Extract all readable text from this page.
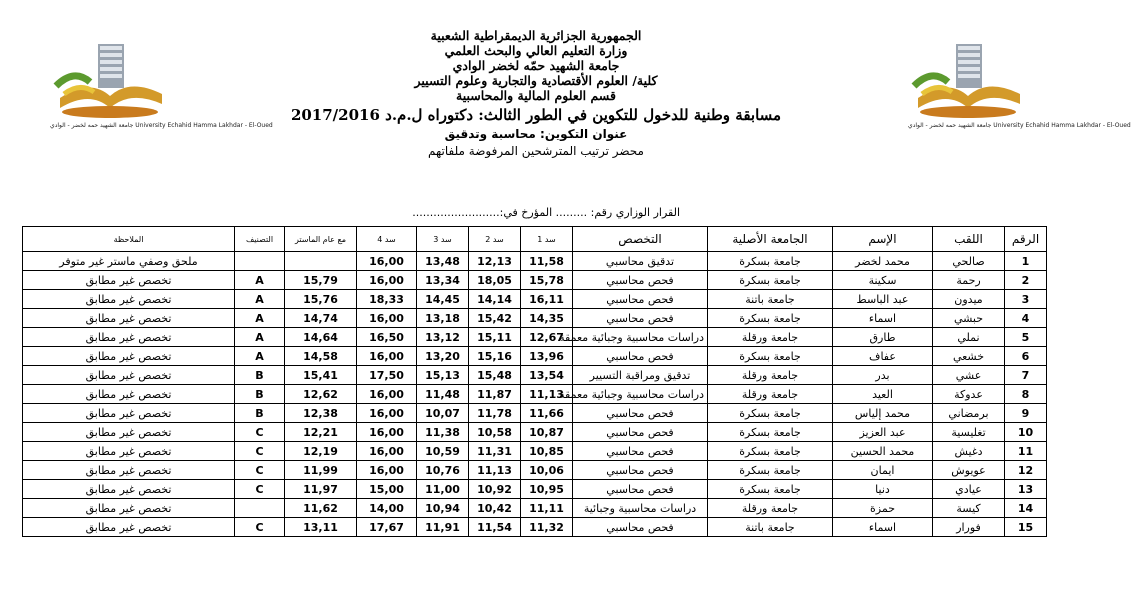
جامعة الشهيد حمه لخضر - الوادي University Echahid Hamma Lakhdar - El-Oued	جامعة الشهيد حمه لخضر - الوادي University Echahid Hamma Lakhdar - El-Oued
الجمهورية الجزائرية الديمقراطية الشعبية
وزارة التعليم العالي والبحث العلمي
جامعة الشهيد حمّه لخضر الوادي
كلية/ العلوم الأقتصادية والتجارية وعلوم التسيير
قسم العلوم المالية والمحاسبية
مسابقة وطنية للدخول للتكوين في الطور الثالث: دكتوراه ل.م.د 2017/2016
عنوان التكوين: محاسبة وتدقيق
محضر ترتيب المترشحين المرفوضة ملفاتهم
القرار الوزاري رقم: ......... المؤرخ في:.........................
الرقم	اللقب	الإسم	الجامعة الأصلية	التخصص	سد 1	سد 2	سد 3	سد 4	مع عام الماستر	التصنيف	الملاحظة
1	صالحي	محمد لخضر	جامعة بسكرة	تدقيق محاسبي	11,58	12,13	13,48	16,00			ملحق وصفي ماستر غير متوفر
2	رحمة	سكينة	جامعة بسكرة	فحص محاسبي	15,78	18,05	13,34	16,00	15,79	A	تخصص غير مطابق
3	ميدون	عبد الباسط	جامعة باتنة	فحص محاسبي	16,11	14,14	14,45	18,33	15,76	A	تخصص غير مطابق
4	حبشي	اسماء	جامعة بسكرة	فحص محاسبي	14,35	15,42	13,18	16,00	14,74	A	تخصص غير مطابق
5	نملي	طارق	جامعة ورقلة	دراسات محاسبية وجبائية معمقة	12,67	15,11	13,12	16,50	14,64	A	تخصص غير مطابق
6	خشعي	عفاف	جامعة بسكرة	فحص محاسبي	13,96	15,16	13,20	16,00	14,58	A	تخصص غير مطابق
7	عشي	بدر	جامعة ورقلة	تدقيق ومراقبة التسيير	13,54	15,48	15,13	17,50	15,41	B	تخصص غير مطابق
8	عدوكة	العيد	جامعة ورقلة	دراسات محاسبية وجبائية معمقة	11,13	11,87	11,48	16,00	12,62	B	تخصص غير مطابق
9	برمضاني	محمد إلياس	جامعة بسكرة	فحص محاسبي	11,66	11,78	10,07	16,00	12,38	B	تخصص غير مطابق
10	تغليسية	عبد العزيز	جامعة بسكرة	فحص محاسبي	10,87	10,58	11,38	16,00	12,21	C	تخصص غير مطابق
11	دغيش	محمد الحسين	جامعة بسكرة	فحص محاسبي	10,85	11,31	10,59	16,00	12,19	C	تخصص غير مطابق
12	عويوش	ايمان	جامعة بسكرة	فحص محاسبي	10,06	11,13	10,76	16,00	11,99	C	تخصص غير مطابق
13	عيادي	دنيا	جامعة بسكرة	فحص محاسبي	10,95	10,92	11,00	15,00	11,97	C	تخصص غير مطابق
14	كيسة	حمزة	جامعة ورقلة	دراسات محاسبية وجبائية	11,11	10,42	10,94	14,00	11,62		تخصص غير مطابق
15	فورار	اسماء	جامعة باتنة	فحص محاسبي	11,32	11,54	11,91	17,67	13,11	C	تخصص غير مطابق
